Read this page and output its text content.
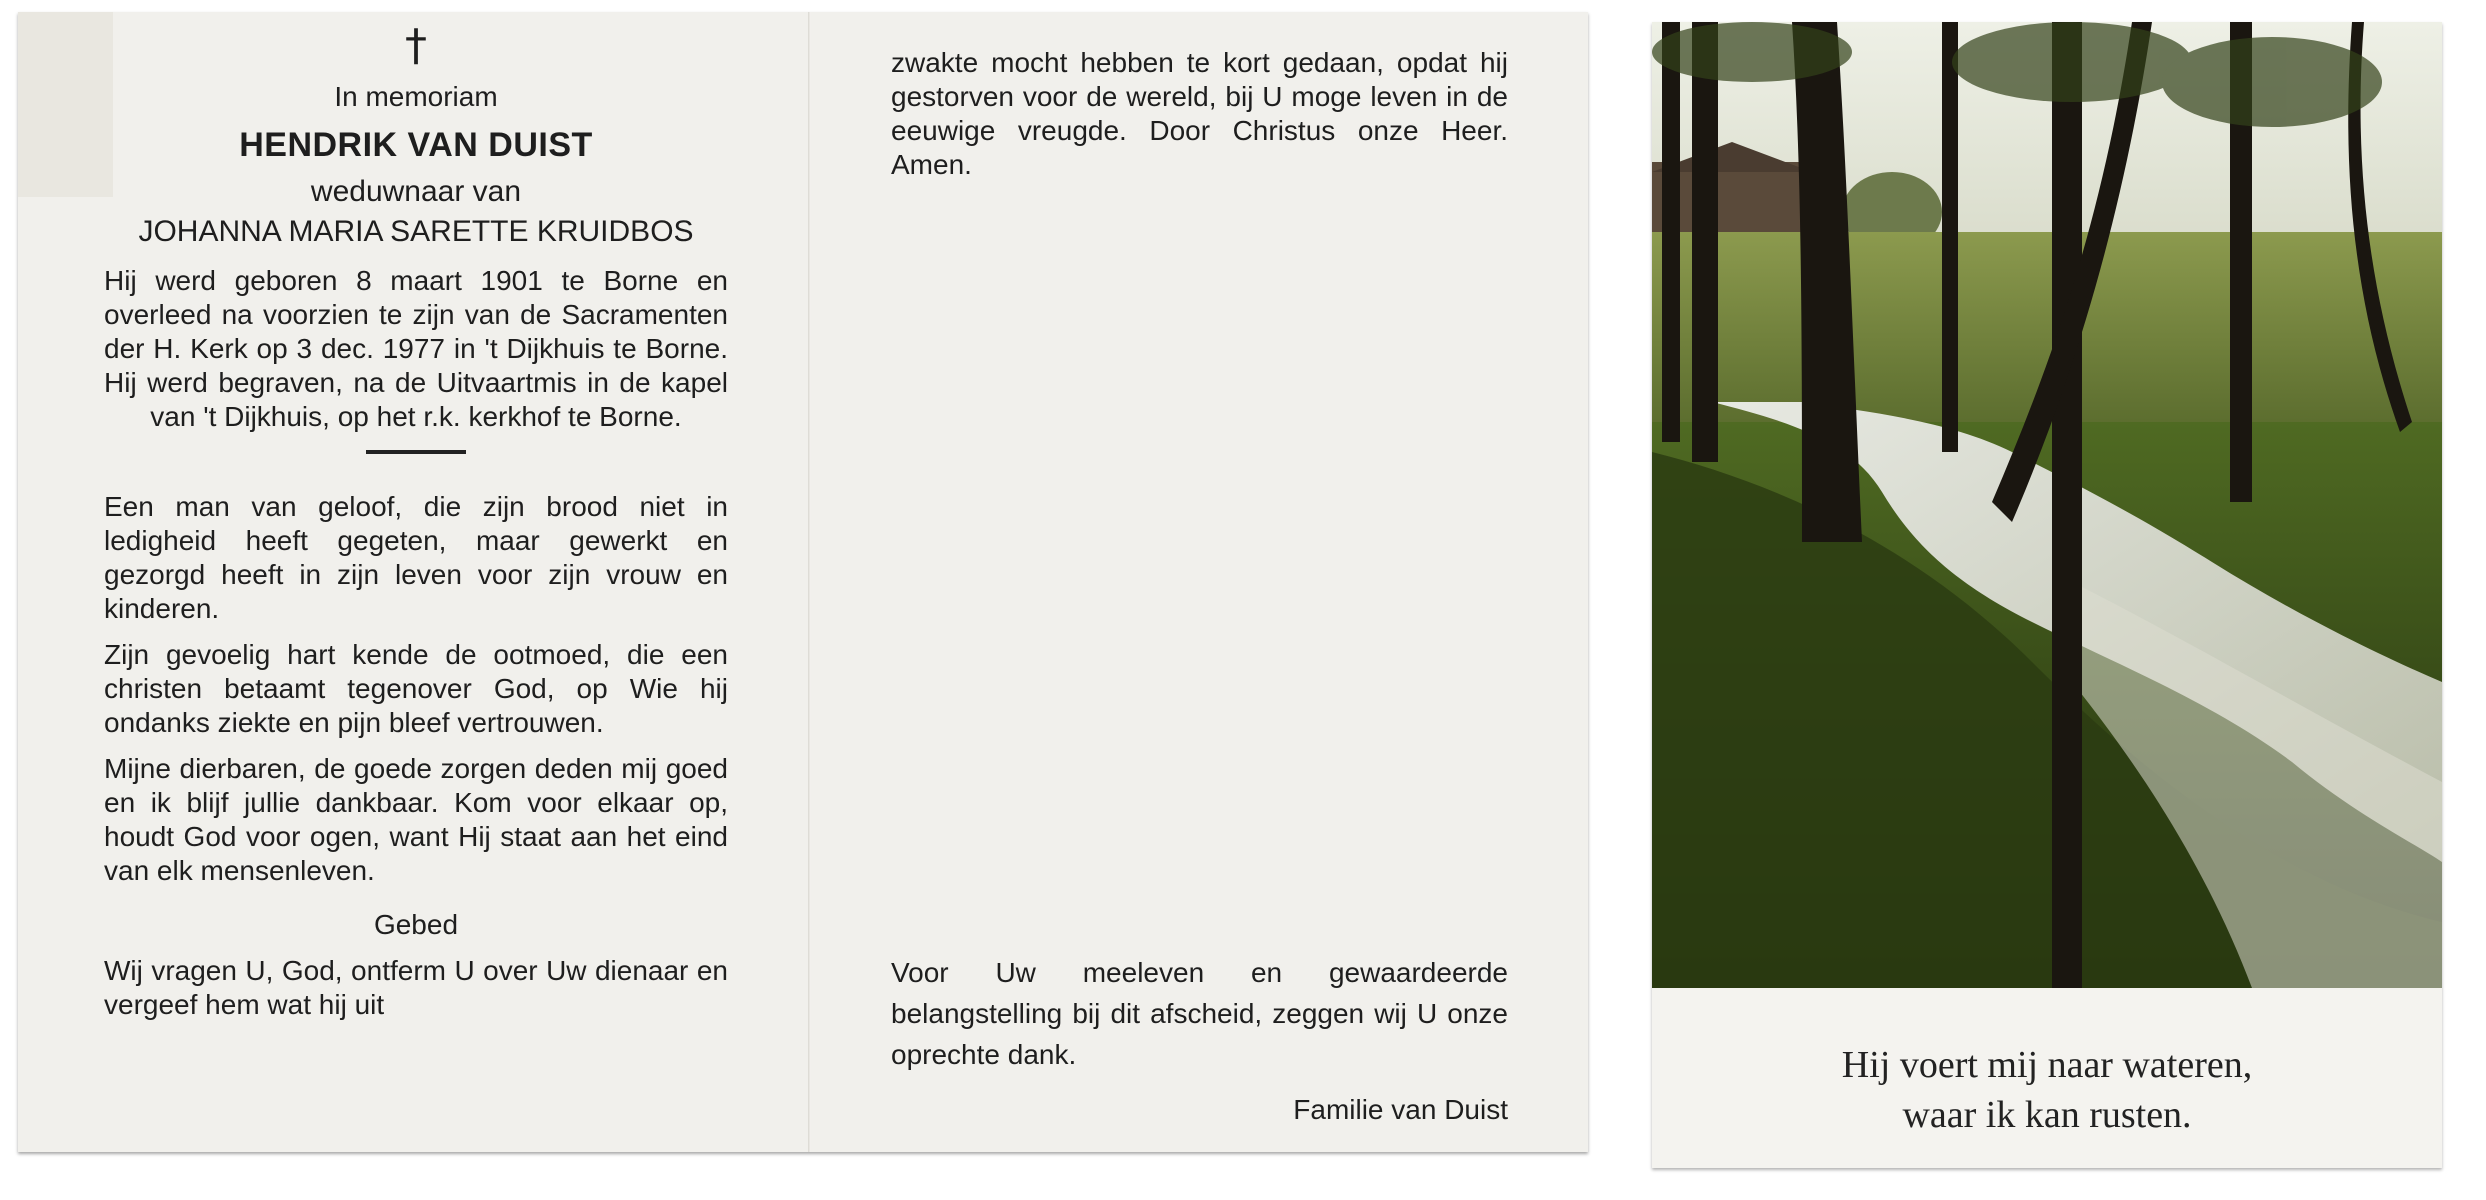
†
In memoriam
HENDRIK VAN DUIST
weduwnaar van
JOHANNA MARIA SARETTE KRUIDBOS
Hij werd geboren 8 maart 1901 te Borne en overleed na voorzien te zijn van de Sacramenten der H. Kerk op 3 dec. 1977 in 't Dijkhuis te Borne. Hij werd begraven, na de Uitvaartmis in de kapel van 't Dijkhuis, op het r.k. kerkhof te Borne.
Een man van geloof, die zijn brood niet in ledigheid heeft gegeten, maar gewerkt en gezorgd heeft in zijn leven voor zijn vrouw en kinderen.
Zijn gevoelig hart kende de ootmoed, die een christen betaamt tegenover God, op Wie hij ondanks ziekte en pijn bleef vertrouwen.
Mijne dierbaren, de goede zorgen deden mij goed en ik blijf jullie dankbaar. Kom voor elkaar op, houdt God voor ogen, want Hij staat aan het eind van elk mensenleven.
Gebed
Wij vragen U, God, ontferm U over Uw dienaar en vergeef hem wat hij uit
zwakte mocht hebben te kort gedaan, opdat hij gestorven voor de wereld, bij U moge leven in de eeuwige vreugde. Door Christus onze Heer. Amen.
Voor Uw meeleven en gewaardeerde belangstelling bij dit afscheid, zeggen wij U onze oprechte dank.
Familie van Duist
Hij voert mij naar wateren,
waar ik kan rusten.
